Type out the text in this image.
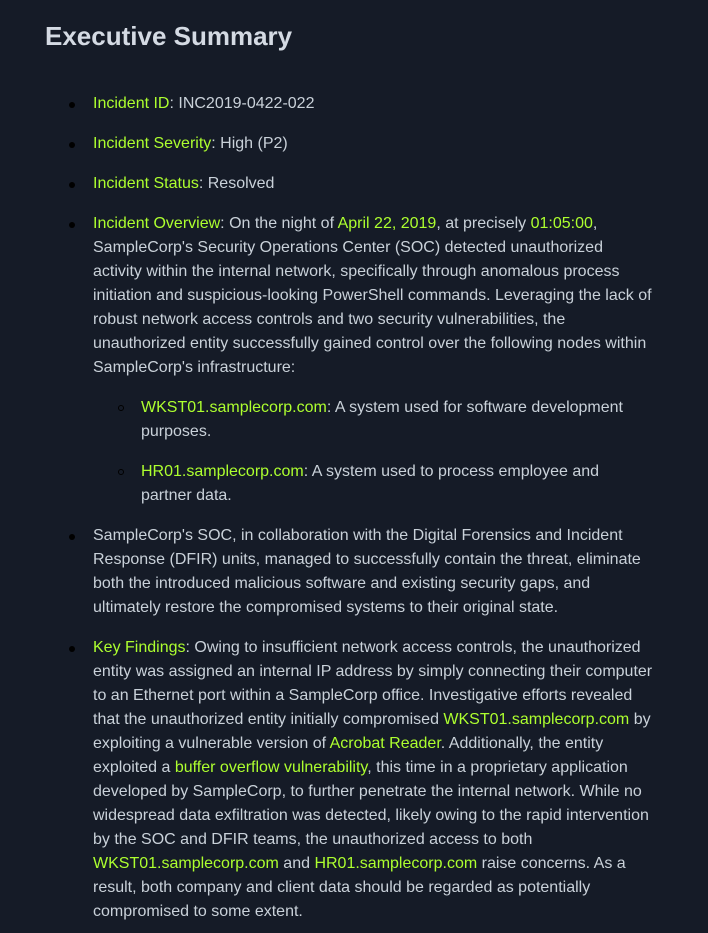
Executive Summary
Incident ID: INC2019-0422-022
Incident Severity: High (P2)
Incident Status: Resolved
Incident Overview: On the night of April 22, 2019, at precisely 01:05:00, SampleCorp's Security Operations Center (SOC) detected unauthorized activity within the internal network, specifically through anomalous process initiation and suspicious-looking PowerShell commands. Leveraging the lack of robust network access controls and two security vulnerabilities, the unauthorized entity successfully gained control over the following nodes within SampleCorp's infrastructure:
WKST01.samplecorp.com: A system used for software development purposes.
HR01.samplecorp.com: A system used to process employee and partner data.
SampleCorp's SOC, in collaboration with the Digital Forensics and Incident Response (DFIR) units, managed to successfully contain the threat, eliminate both the introduced malicious software and existing security gaps, and ultimately restore the compromised systems to their original state.
Key Findings: Owing to insufficient network access controls, the unauthorized entity was assigned an internal IP address by simply connecting their computer to an Ethernet port within a SampleCorp office. Investigative efforts revealed that the unauthorized entity initially compromised WKST01.samplecorp.com by exploiting a vulnerable version of Acrobat Reader. Additionally, the entity exploited a buffer overflow vulnerability, this time in a proprietary application developed by SampleCorp, to further penetrate the internal network. While no widespread data exfiltration was detected, likely owing to the rapid intervention by the SOC and DFIR teams, the unauthorized access to both WKST01.samplecorp.com and HR01.samplecorp.com raise concerns. As a result, both company and client data should be regarded as potentially compromised to some extent.
